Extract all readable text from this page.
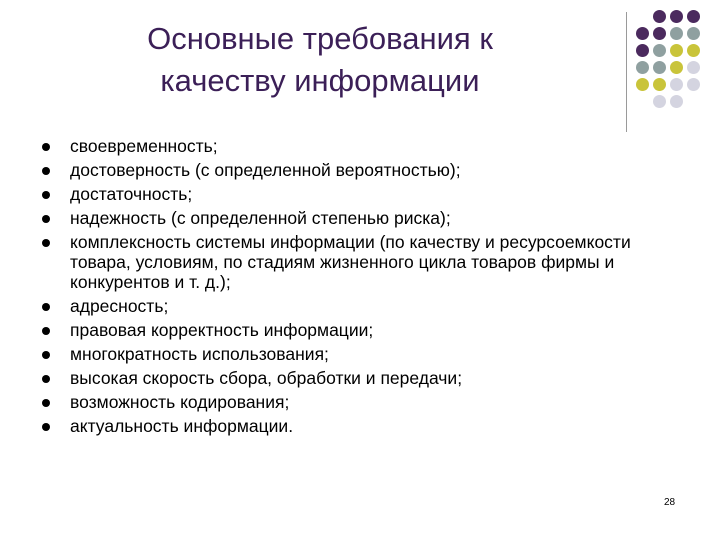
Основные требования к
качеству информации
своевременность;
достоверность (с определенной вероятностью);
достаточность;
надежность (с определенной степенью риска);
комплексность системы информации (по качеству и ресурсоемкости товара, условиям, по стадиям жизненного цикла товаров фирмы и конкурентов и т. д.);
адресность;
правовая корректность информации;
многократность использования;
высокая скорость сбора, обработки и передачи;
возможность кодирования;
актуальность информации.
28
